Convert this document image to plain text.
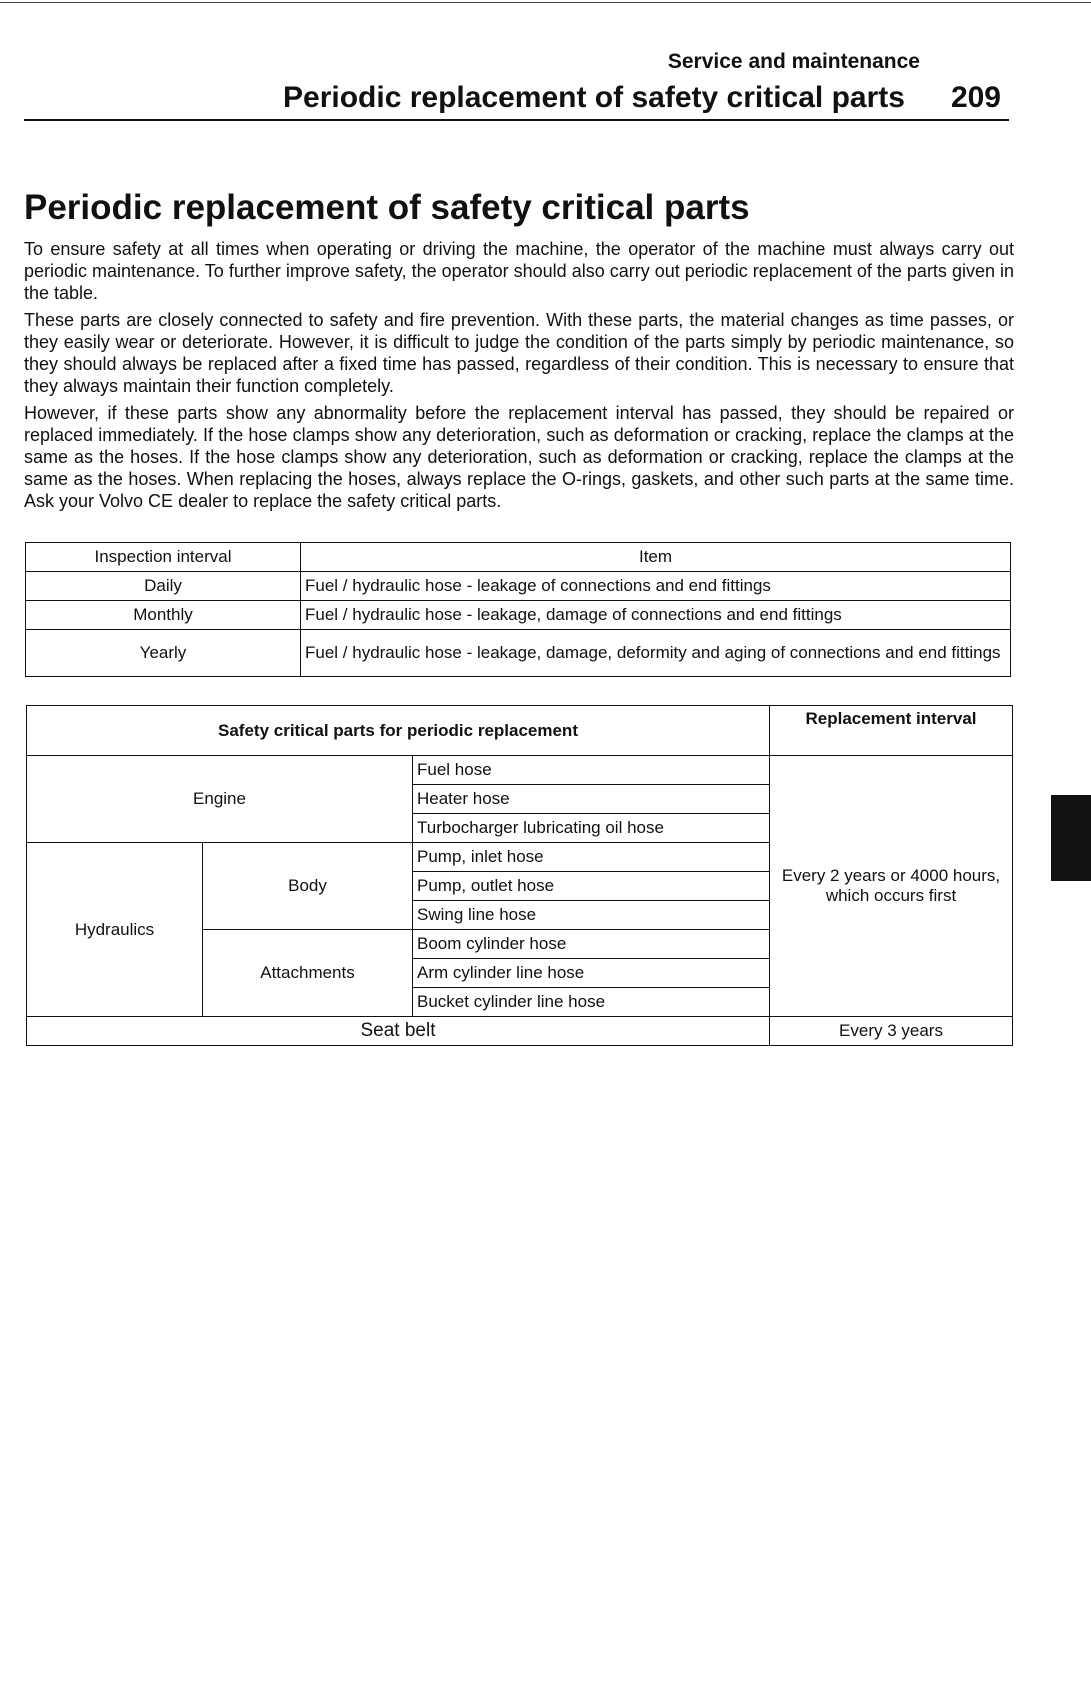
Service and maintenance
Periodic replacement of safety critical parts 209
Periodic replacement of safety critical parts

To ensure safety at all times when operating or driving the machine, the operator of the machine must always carry out periodic maintenance. To further improve safety, the operator should also carry out periodic replacement of the parts given in the table.

These parts are closely connected to safety and fire prevention. With these parts, the material changes as time passes, or they easily wear or deteriorate. However, it is difficult to judge the condition of the parts simply by periodic maintenance, so they should always be replaced after a fixed time has passed, regardless of their condition. This is necessary to ensure that they always maintain their function completely.

However, if these parts show any abnormality before the replacement interval has passed, they should be repaired or replaced immediately. If the hose clamps show any deterioration, such as deformation or cracking, replace the clamps at the same as the hoses. If the hose clamps show any deterioration, such as deformation or cracking, replace the clamps at the same as the hoses. When replacing the hoses, always replace the O-rings, gaskets, and other such parts at the same time. Ask your Volvo CE dealer to replace the safety critical parts.

Inspection interval	Item
Daily	Fuel / hydraulic hose - leakage of connections and end fittings
Monthly	Fuel / hydraulic hose - leakage, damage of connections and end fittings
Yearly	Fuel / hydraulic hose - leakage, damage, deformity and aging of connections and end fittings
Safety critical parts for periodic replacement			Replacement interval
Engine		Fuel hose	Every 2 years or 4000 hours, which occurs first
		Heater hose	
		Turbocharger lubricating oil hose	
Hydraulics	Body	Pump, inlet hose	
		Pump, outlet hose	
		Swing line hose	
	Attachments	Boom cylinder hose	
		Arm cylinder line hose	
		Bucket cylinder line hose	
Seat belt			Every 3 years
